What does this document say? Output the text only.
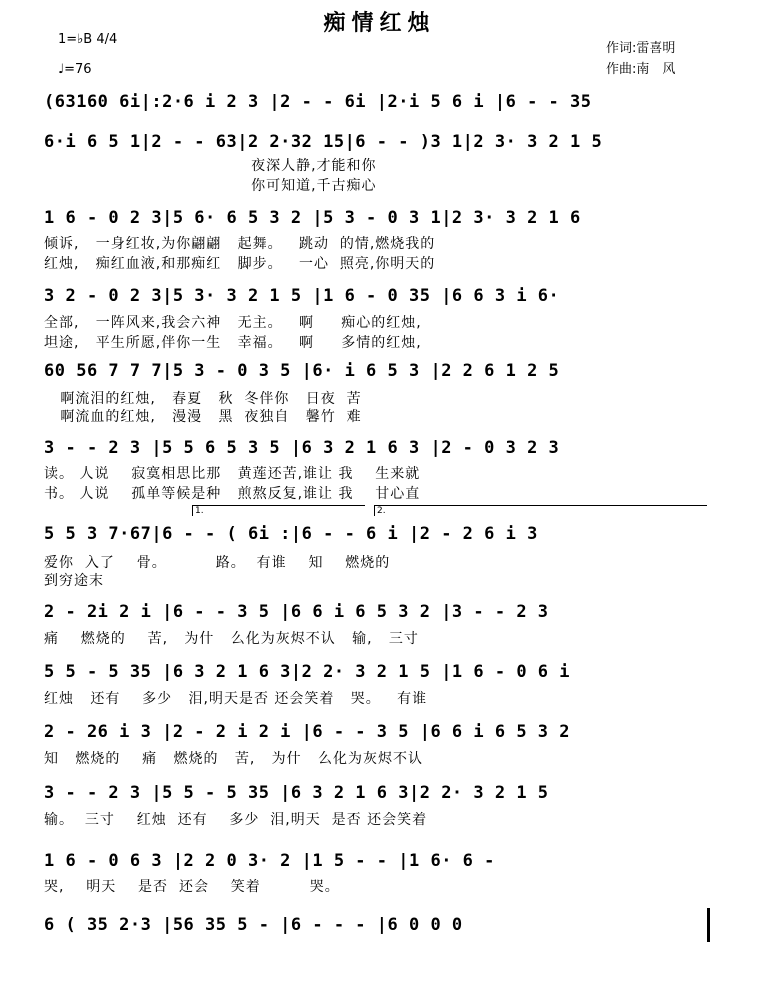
痴情红烛
1=♭B 4/4
♩=76
作词:雷喜明
作曲:南　风
(63160 6i|:2·6 i 2 3 |2 - - 6i |2·i 5 6 i |6 - - 35
6·i 6 5 1|2 - - 63|2 2·32 15|6 - - )3 1|2 3· 3 2 1 5
夜深人静,才能和你
你可知道,千古痴心
1 6 - 0 2 3|5 6· 6 5 3 2 |5 3 - 0 3 1|2 3· 3 2 1 6
倾诉,   一身红妆,为你翩翩   起舞。   跳动  的情,燃烧我的
红烛,   痴红血液,和那痴红   脚步。   一心  照亮,你明天的
3 2 - 0 2 3|5 3· 3 2 1 5 |1 6 - 0 35 |6 6 3 i 6·
全部,   一阵风来,我会六神   无主。   啊     痴心的红烛,
坦途,   平生所愿,伴你一生   幸福。   啊     多情的红烛,
60 56 7 7 7|5 3 - 0 3 5 |6· i 6 5 3 |2 2 6 1 2 5
啊流泪的红烛,   春夏   秋  冬伴你   日夜  苦
啊流血的红烛,   漫漫   黑  夜独自   馨竹  难
3 - - 2 3 |5 5 6 5 3 5 |6 3 2 1 6 3 |2 - 0 3 2 3
读。 人说    寂寞相思比那   黄莲还苦,谁让 我    生来就
书。 人说    孤单等候是种   煎熬反复,谁让 我    甘心直
1.	2.
5 5 3 7·67|6 - - ( 6i :|6 - - 6 i |2 - 2 6 i 3
爱你  入了    骨。         路。  有谁    知    燃烧的
到穷途末
2 - 2i 2 i |6 - - 3 5 |6 6 i 6 5 3 2 |3 - - 2 3
痛    燃烧的    苦,   为什   么化为灰烬不认   输,   三寸
5 5 - 5 35 |6 3 2 1 6 3|2 2· 3 2 1 5 |1 6 - 0 6 i
红烛   还有    多少   泪,明天是否 还会笑着   哭。   有谁
2 - 26 i 3 |2 - 2 i 2 i |6 - - 3 5 |6 6 i 6 5 3 2
知   燃烧的    痛   燃烧的   苦,   为什   么化为灰烬不认
3 - - 2 3 |5 5 - 5 35 |6 3 2 1 6 3|2 2· 3 2 1 5
输。  三寸    红烛  还有    多少  泪,明天  是否 还会笑着
1 6 - 0 6 3 |2 2 0 3· 2 |1 5 - - |1 6· 6 -
哭,    明天    是否  还会    笑着         哭。
6 ( 35 2·3 |56 35 5 - |6 - - - |6 0 0 0
